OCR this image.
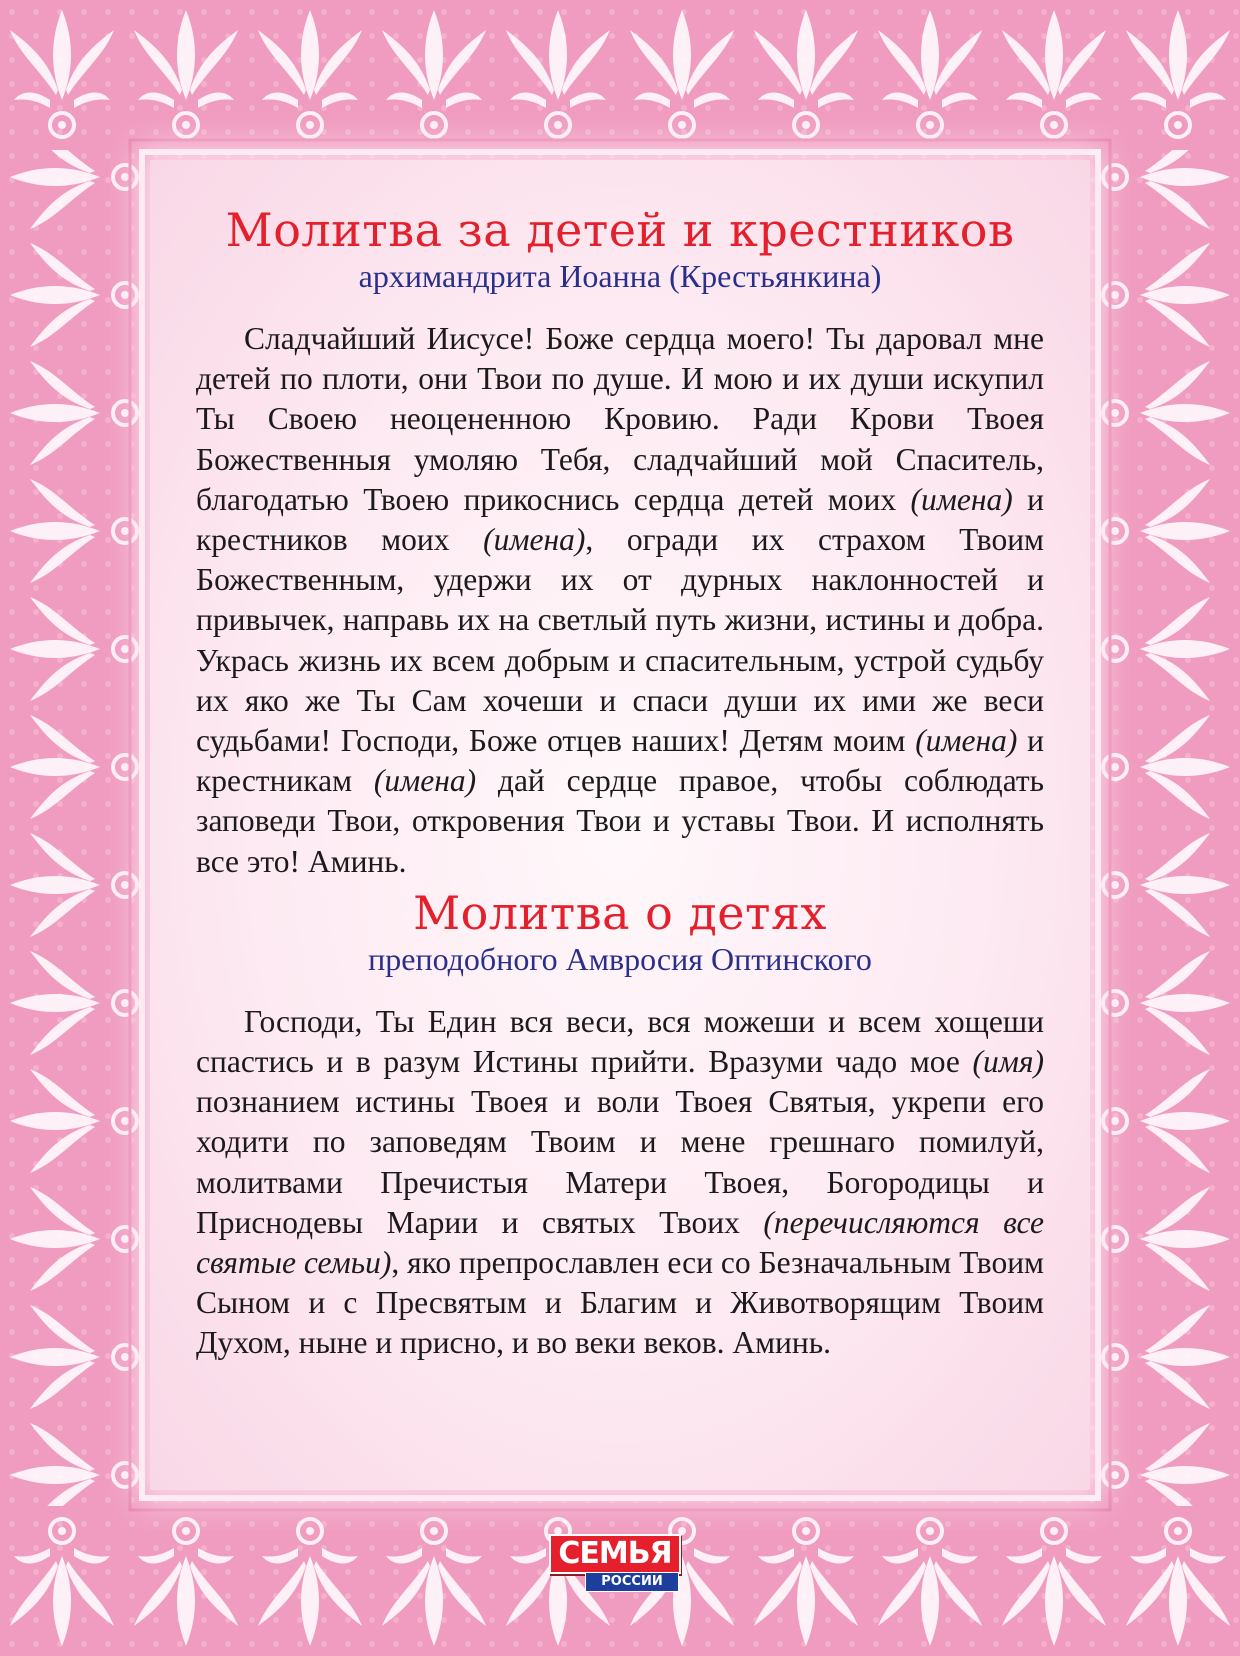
Молитва за детей и крестников
архимандрита Иоанна (Крестьянкина)

Сладчайший Иисусе! Боже сердца моего! Ты даровал мне детей по плоти, они Твои по душе. И мою и их души искупил Ты Своею неоцененною Кровию. Ради Крови Твоея Божественныя умоляю Тебя, сладчайший мой Спаситель, благодатью Твоею прикоснись сердца детей моих (имена) и крестников моих (имена), огради их страхом Твоим Божественным, удержи их от дурных наклонностей и привычек, направь их на светлый путь жизни, истины и добра. Укрась жизнь их всем добрым и спасительным, устрой судьбу их яко же Ты Сам хочеши и спаси души их ими же веси судьбами! Господи, Боже отцев наших! Детям моим (имена) и крестникам (имена) дай сердце правое, чтобы соблюдать заповеди Твои, откровения Твои и уставы Твои. И исполнять все это! Аминь.

Молитва о детях
преподобного Амвросия Оптинского

Господи, Ты Един вся веси, вся можеши и всем хощеши спастись и в разум Истины прийти. Вразуми чадо мое (имя) познанием истины Твоея и воли Твоея Святыя, укрепи его ходити по заповедям Твоим и мене грешнаго помилуй, молитвами Пречистыя Матери Твоея, Богородицы и Приснодевы Марии и святых Твоих (перечисляются все святые семьи), яко препрославлен еси со Безначальным Твоим Сыном и с Пресвятым и Благим и Животворящим Твоим Духом, ныне и присно, и во веки веков. Аминь.

СЕМЬЯ
РОССИИ
